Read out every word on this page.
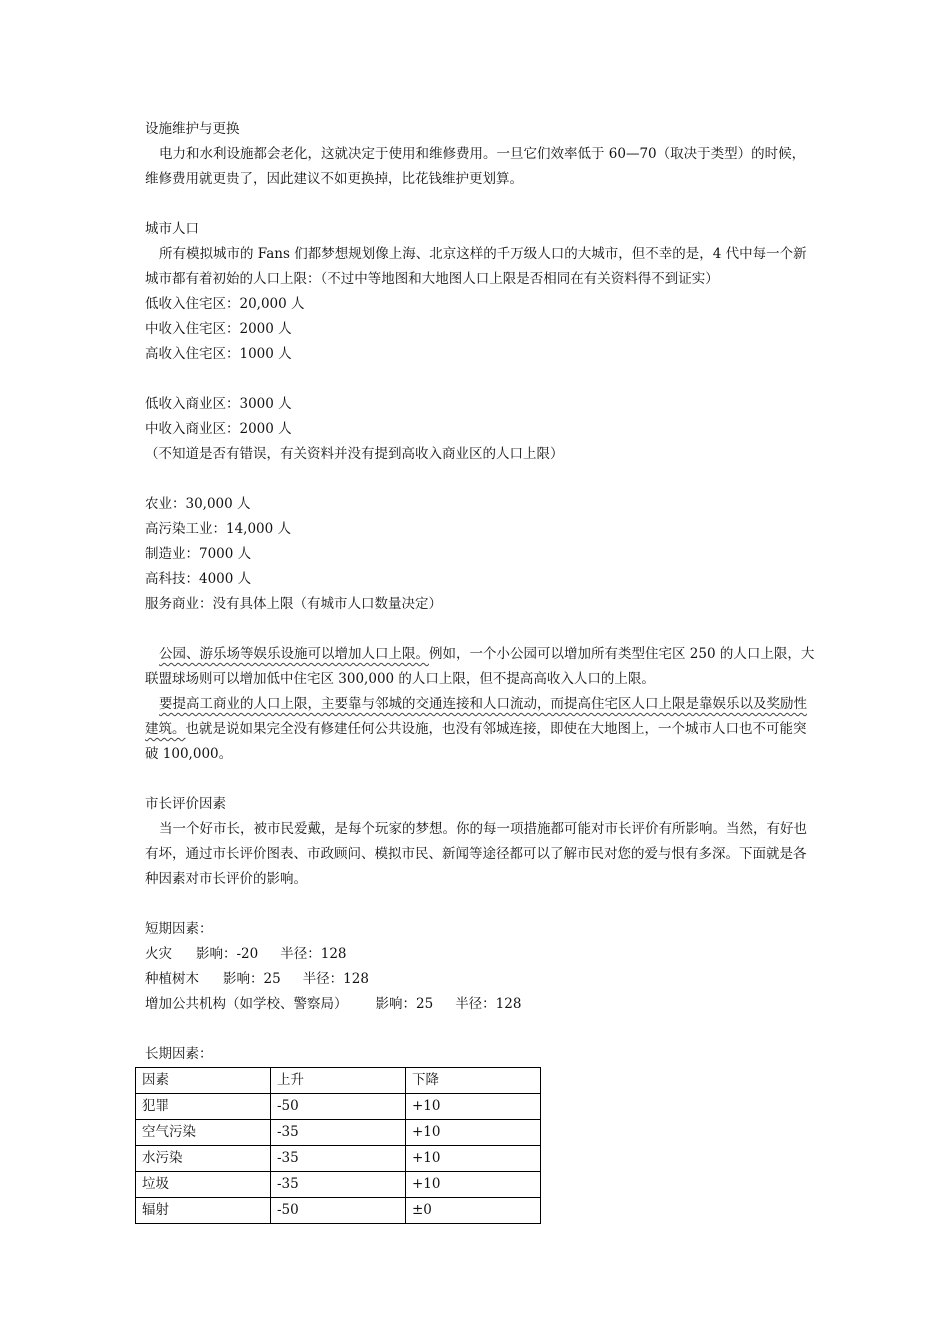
设施维护与更换

电力和水利设施都会老化，这就决定于使用和维修费用。一旦它们效率低于 60—70（取决于类型）的时候，维修费用就更贵了，因此建议不如更换掉，比花钱维护更划算。

城市人口

所有模拟城市的 Fans 们都梦想规划像上海、北京这样的千万级人口的大城市，但不幸的是，4 代中每一个新城市都有着初始的人口上限：（不过中等地图和大地图人口上限是否相同在有关资料得不到证实）

低收入住宅区：20,000 人

中收入住宅区：2000 人

高收入住宅区：1000 人

低收入商业区：3000 人

中收入商业区：2000 人

（不知道是否有错误，有关资料并没有提到高收入商业区的人口上限）

农业：30,000 人

高污染工业：14,000 人

制造业：7000 人

高科技：4000 人

服务商业：没有具体上限（有城市人口数量决定）

公园、游乐场等娱乐设施可以增加人口上限。例如，一个小公园可以增加所有类型住宅区 250 的人口上限，大联盟球场则可以增加低中住宅区 300,000 的人口上限，但不提高高收入人口的上限。

要提高工商业的人口上限，主要靠与邻城的交通连接和人口流动，而提高住宅区人口上限是靠娱乐以及奖励性建筑。也就是说如果完全没有修建任何公共设施，也没有邻城连接，即使在大地图上，一个城市人口也不可能突破 100,000。

市长评价因素

当一个好市长，被市民爱戴，是每个玩家的梦想。你的每一项措施都可能对市长评价有所影响。当然，有好也有坏，通过市长评价图表、市政顾问、模拟市民、新闻等途径都可以了解市民对您的爱与恨有多深。下面就是各种因素对市长评价的影响。

短期因素：

火灾 影响：-20 半径：128

种植树木 影响：25 半径：128

增加公共机构（如学校、警察局） 影响：25 半径：128

长期因素：

因素	上升	下降
犯罪	-50	+10
空气污染	-35	+10
水污染	-35	+10
垃圾	-35	+10
辐射	-50	±0
